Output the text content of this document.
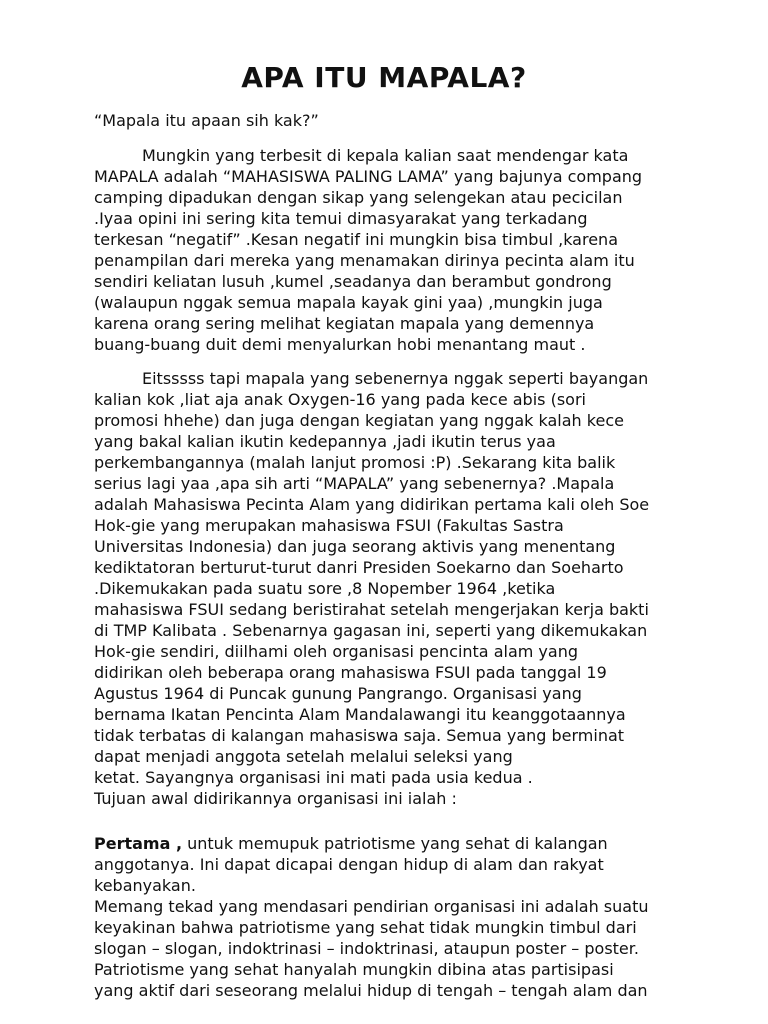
APA ITU MAPALA?

“Mapala itu apaan sih kak?”

Mungkin yang terbesit di kepala kalian saat mendengar kata

MAPALA adalah “MAHASISWA PALING LAMA” yang bajunya compang

camping dipadukan dengan sikap yang selengekan atau pecicilan

.Iyaa opini ini sering kita temui dimasyarakat yang terkadang

terkesan “negatif” .Kesan negatif ini mungkin bisa timbul ,karena

penampilan dari mereka yang menamakan dirinya pecinta alam itu

sendiri keliatan lusuh ,kumel ,seadanya dan berambut gondrong

(walaupun nggak semua mapala kayak gini yaa) ,mungkin juga

karena orang sering melihat kegiatan mapala yang demennya

buang-buang duit demi menyalurkan hobi menantang maut .

Eitsssss tapi mapala yang sebenernya nggak seperti bayangan

kalian kok ,liat aja anak Oxygen-16 yang pada kece abis (sori

promosi hhehe) dan juga dengan kegiatan yang nggak kalah kece

yang bakal kalian ikutin kedepannya ,jadi ikutin terus yaa

perkembangannya (malah lanjut promosi :P) .Sekarang kita balik

serius lagi yaa ,apa sih arti “MAPALA” yang sebenernya? .Mapala

adalah Mahasiswa Pecinta Alam yang didirikan pertama kali oleh Soe

Hok-gie yang merupakan mahasiswa FSUI (Fakultas Sastra

Universitas Indonesia) dan juga seorang aktivis yang menentang

kediktatoran berturut-turut danri Presiden Soekarno dan Soeharto

.Dikemukakan pada suatu sore ,8 Nopember 1964 ,ketika

mahasiswa FSUI sedang beristirahat setelah mengerjakan kerja bakti

di TMP Kalibata . Sebenarnya gagasan ini, seperti yang dikemukakan

Hok-gie sendiri, diilhami oleh organisasi pencinta alam yang

didirikan oleh beberapa orang mahasiswa FSUI pada tanggal 19

Agustus 1964 di Puncak gunung Pangrango. Organisasi yang

bernama Ikatan Pencinta Alam Mandalawangi itu keanggotaannya

tidak terbatas di kalangan mahasiswa saja. Semua yang berminat

dapat menjadi anggota setelah melalui seleksi yang

ketat. Sayangnya organisasi ini mati pada usia kedua .

Tujuan awal didirikannya organisasi ini ialah :

Pertama , untuk memupuk patriotisme yang sehat di kalangan

anggotanya. Ini dapat dicapai dengan hidup di alam dan rakyat

kebanyakan.

Memang tekad yang mendasari pendirian organisasi ini adalah suatu

keyakinan bahwa patriotisme yang sehat tidak mungkin timbul dari

slogan – slogan, indoktrinasi – indoktrinasi, ataupun poster – poster.

Patriotisme yang sehat hanyalah mungkin dibina atas partisipasi

yang aktif dari seseorang melalui hidup di tengah – tengah alam dan
